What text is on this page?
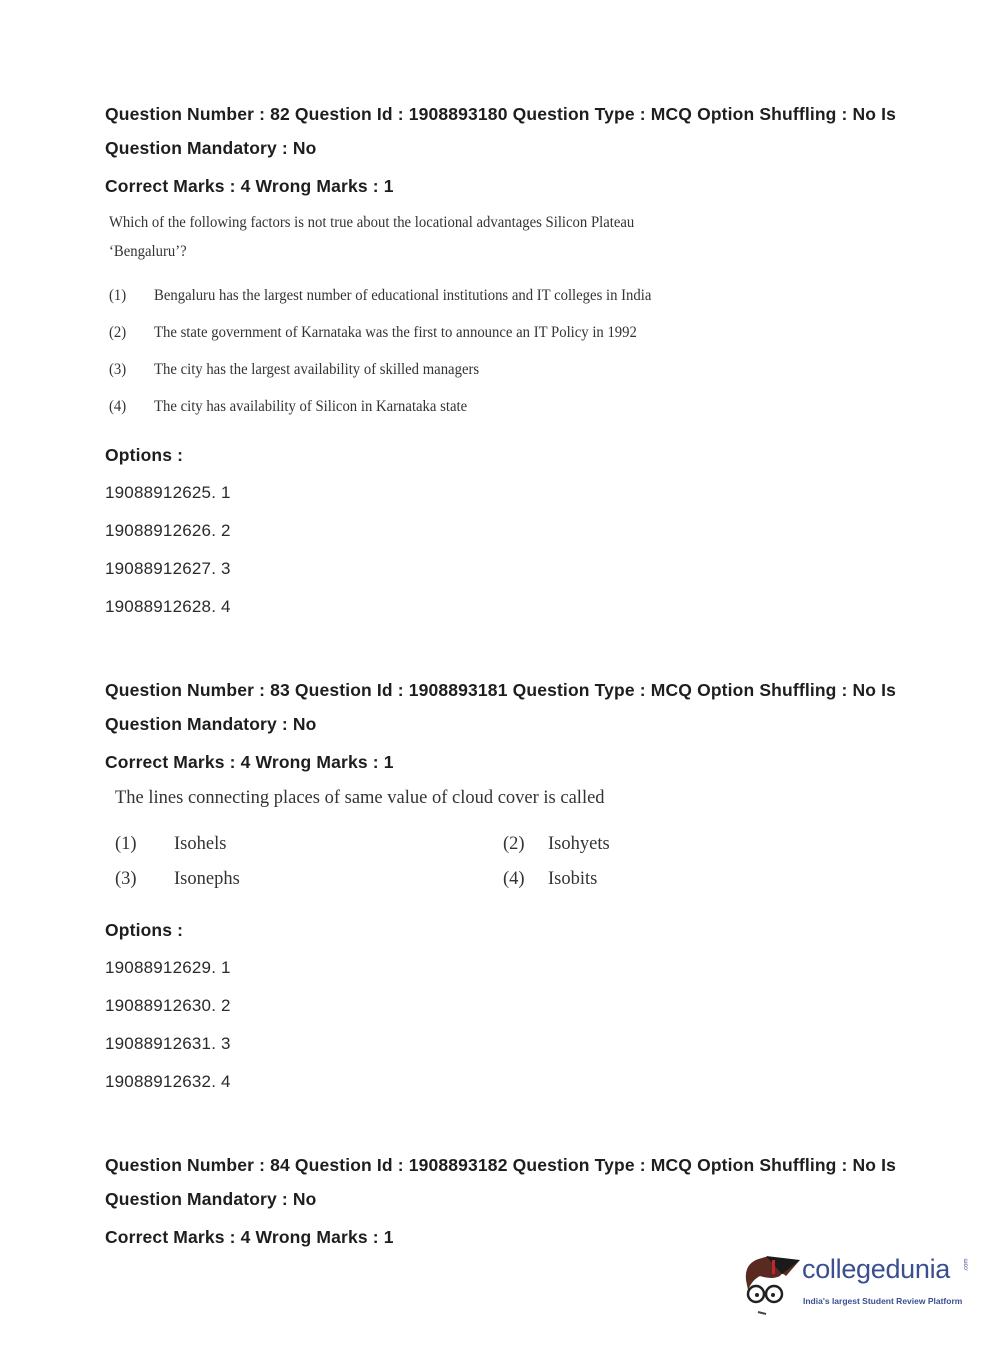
Question Number : 82 Question Id : 1908893180 Question Type : MCQ Option Shuffling : No Is
Question Mandatory : No
Correct Marks : 4 Wrong Marks : 1
Which of the following factors is not true about the locational advantages Silicon Plateau
‘Bengaluru’?
(1) Bengaluru has the largest number of educational institutions and IT colleges in India
(2) The state government of Karnataka was the first to announce an IT Policy in 1992
(3) The city has the largest availability of skilled managers
(4) The city has availability of Silicon in Karnataka state
Options :
19088912625. 1
19088912626. 2
19088912627. 3
19088912628. 4
Question Number : 83 Question Id : 1908893181 Question Type : MCQ Option Shuffling : No Is
Question Mandatory : No
Correct Marks : 4 Wrong Marks : 1
The lines connecting places of same value of cloud cover is called
(1) Isohels	(2) Isohyets
(3) Isonephs	(4) Isobits
Options :
19088912629. 1
19088912630. 2
19088912631. 3
19088912632. 4
Question Number : 84 Question Id : 1908893182 Question Type : MCQ Option Shuffling : No Is
Question Mandatory : No
Correct Marks : 4 Wrong Marks : 1
collegedunia .com
India's largest Student Review Platform
